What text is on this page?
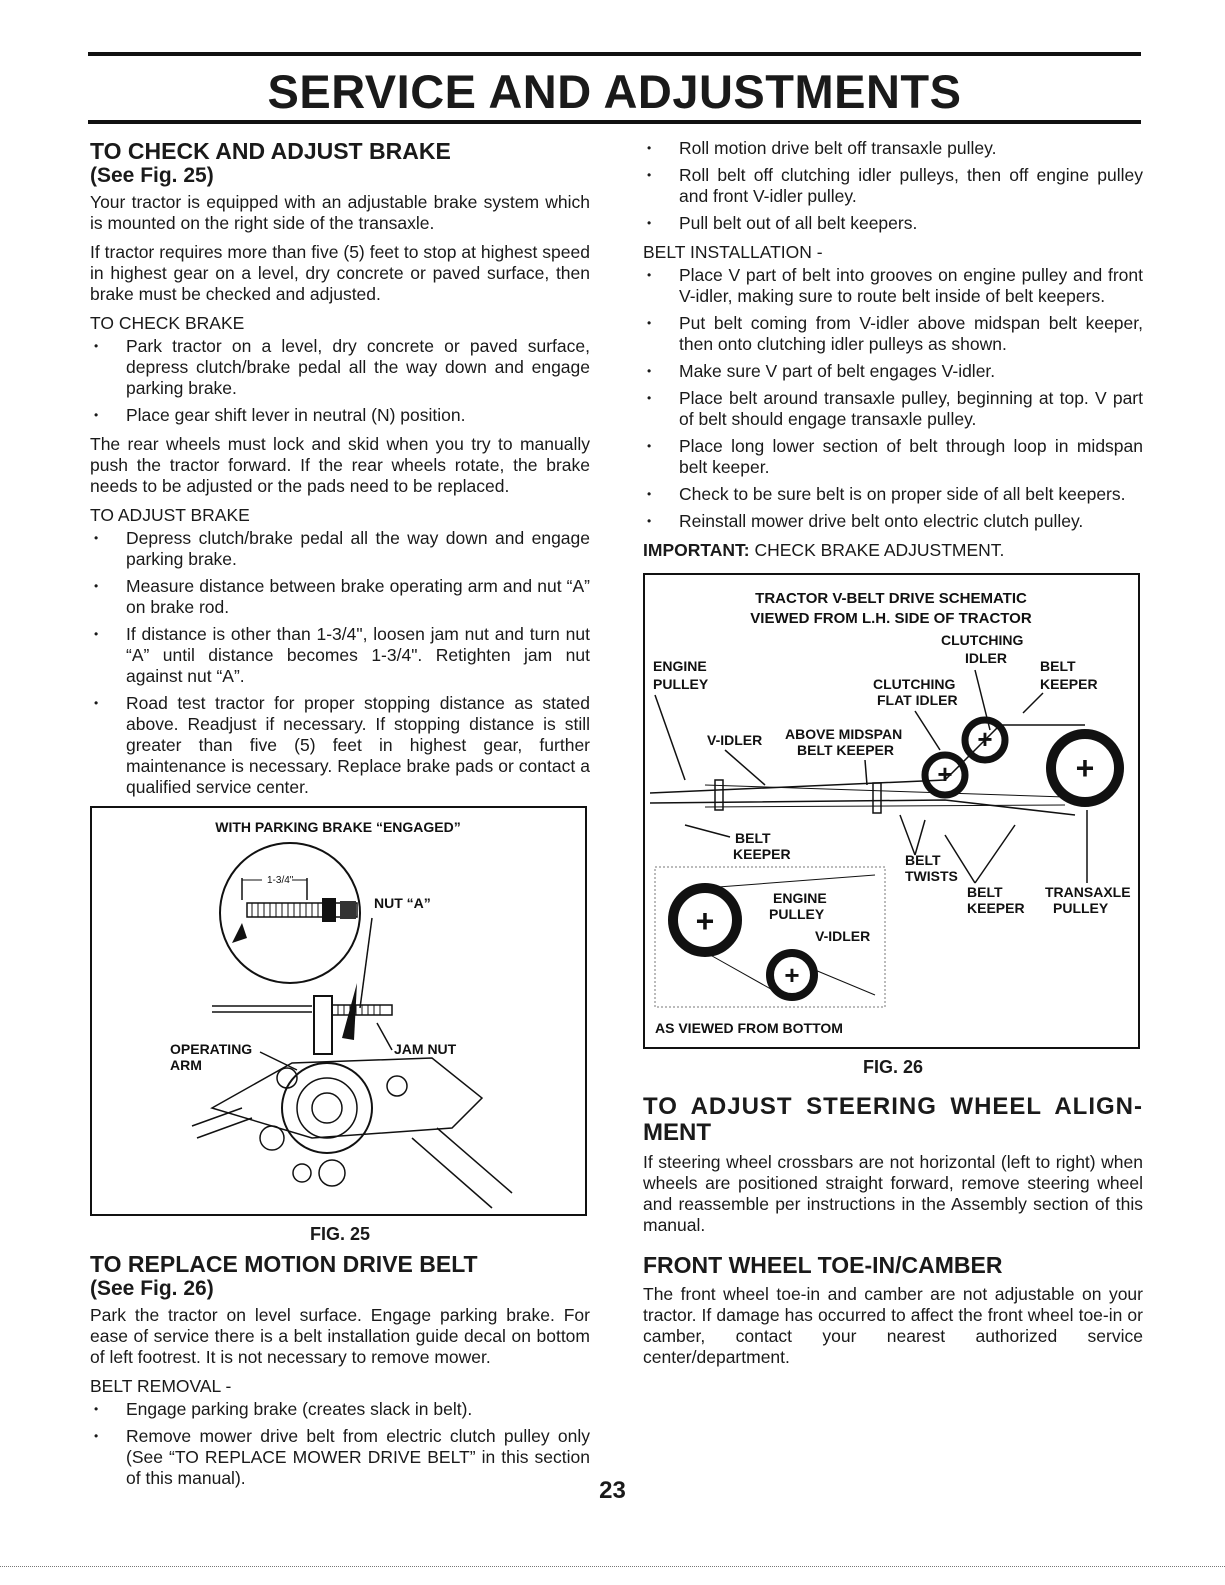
SERVICE AND ADJUSTMENTS
TO CHECK AND ADJUST BRAKE
(See Fig. 25)

Your tractor is equipped with an adjustable brake system which is mounted on the right side of the transaxle.

If tractor requires more than five (5) feet to stop at highest speed in highest gear on a level, dry concrete or paved surface, then brake must be checked and adjusted.

TO CHECK BRAKE
• Park tractor on a level, dry concrete or paved surface, depress clutch/brake pedal all the way down and engage parking brake.
• Place gear shift lever in neutral (N) position.

The rear wheels must lock and skid when you try to manually push the tractor forward. If the rear wheels rotate, the brake needs to be adjusted or the pads need to be replaced.

TO ADJUST BRAKE
• Depress clutch/brake pedal all the way down and engage parking brake.
• Measure distance between brake operating arm and nut “A” on brake rod.
• If distance is other than 1-3/4", loosen jam nut and turn nut “A” until distance becomes 1-3/4". Retighten jam nut against nut “A”.
• Road test tractor for proper stopping distance as stated above. Readjust if necessary. If stopping distance is still greater than five (5) feet in highest gear, further maintenance is necessary. Replace brake pads or contact a qualified service center.
WITH PARKING BRAKE “ENGAGED”
1-3/4"
NUT “A”
OPERATING
ARM
JAM NUT
FIG. 25
TO REPLACE MOTION DRIVE BELT
(See Fig. 26)

Park the tractor on level surface. Engage parking brake. For ease of service there is a belt installation guide decal on bottom of left footrest. It is not necessary to remove mower.

BELT REMOVAL -
• Engage parking brake (creates slack in belt).
• Remove mower drive belt from electric clutch pulley only (See “TO REPLACE MOWER DRIVE BELT” in this section of this manual).
• Roll motion drive belt off transaxle pulley.
• Roll belt off clutching idler pulleys, then off engine pulley and front V-idler pulley.
• Pull belt out of all belt keepers.
BELT INSTALLATION -
• Place V part of belt into grooves on engine pulley and front V-idler, making sure to route belt inside of belt keepers.
• Put belt coming from V-idler above midspan belt keeper, then onto clutching idler pulleys as shown.
• Make sure V part of belt engages V-idler.
• Place belt around transaxle pulley, beginning at top. V part of belt should engage transaxle pulley.
• Place long lower section of belt through loop in midspan belt keeper.
• Check to be sure belt is on proper side of all belt keepers.
• Reinstall mower drive belt onto electric clutch pulley.
IMPORTANT: CHECK BRAKE ADJUSTMENT.
TRACTOR V-BELT DRIVE SCHEMATIC
VIEWED FROM L.H. SIDE OF TRACTOR
CLUTCHING
IDLER
ENGINE
PULLEY
BELT
KEEPER
CLUTCHING
FLAT IDLER
V-IDLER ABOVE MIDSPAN
BELT KEEPER	+
+	+
BELT
KEEPER	BELT
TWISTS
BELT
KEEPER
TRANSAXLE
PULLEY
+
+
ENGINE
PULLEY
V-IDLER
AS VIEWED FROM BOTTOM
FIG. 26
TO ADJUST STEERING WHEEL ALIGN-
MENT

If steering wheel crossbars are not horizontal (left to right) when wheels are positioned straight forward, remove steering wheel and reassemble per instructions in the Assembly section of this manual.

FRONT WHEEL TOE-IN/CAMBER

The front wheel toe-in and camber are not adjustable on your tractor. If damage has occurred to affect the front wheel toe-in or camber, contact your nearest authorized service center/department.

23
